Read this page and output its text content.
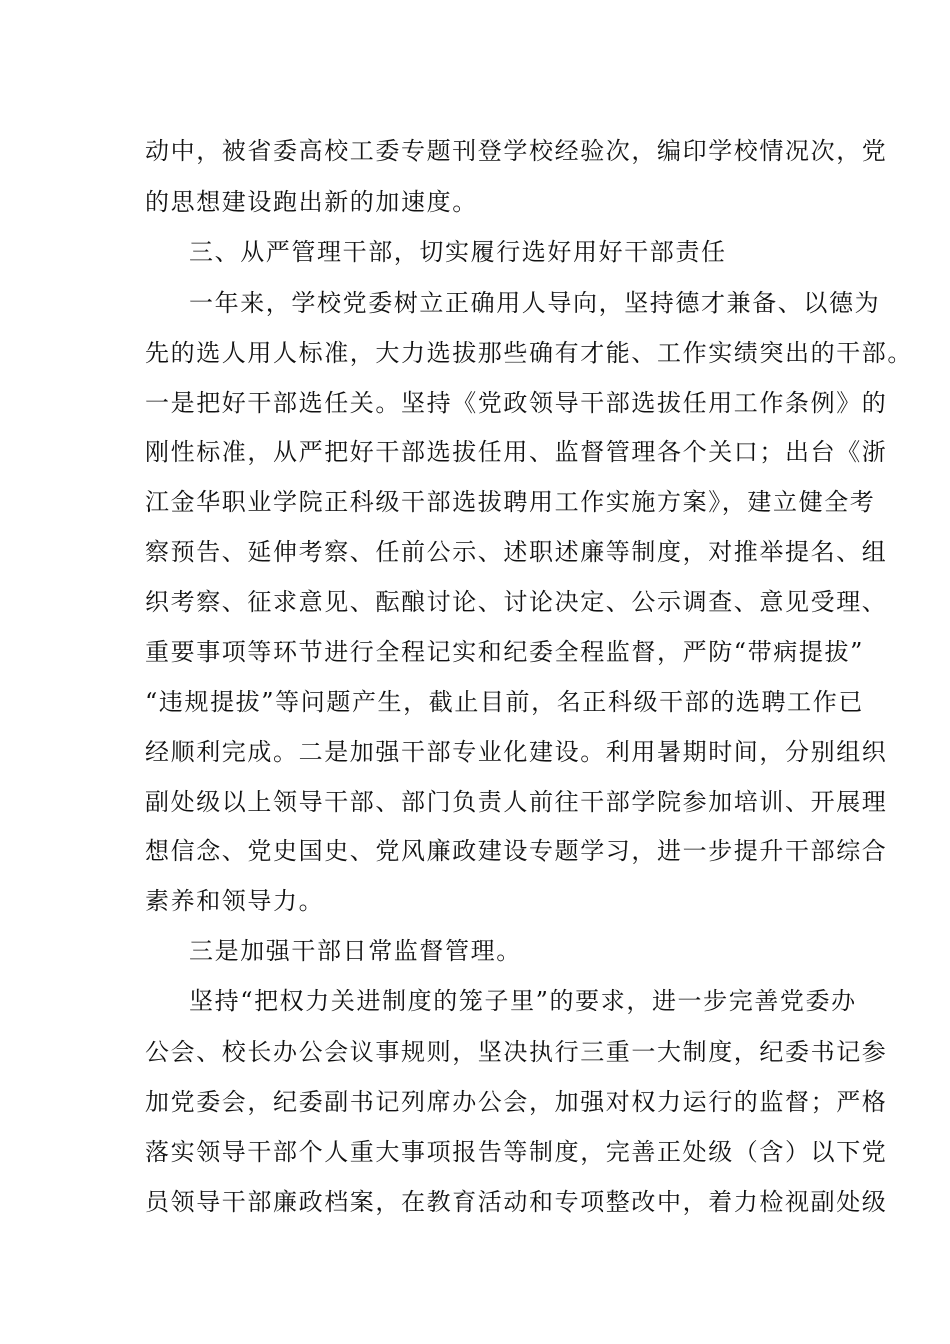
动中，被省委高校工委专题刊登学校经验次，编印学校情况次，党
的思想建设跑出新的加速度。
三、从严管理干部，切实履行选好用好干部责任
一年来，学校党委树立正确用人导向，坚持德才兼备、以德为
先的选人用人标准，大力选拔那些确有才能、工作实绩突出的干部。
一是把好干部选任关。坚持《党政领导干部选拔任用工作条例》的
刚性标准，从严把好干部选拔任用、监督管理各个关口；出台《浙
江金华职业学院正科级干部选拔聘用工作实施方案》，建立健全考
察预告、延伸考察、任前公示、述职述廉等制度，对推举提名、组
织考察、征求意见、酝酿讨论、讨论决定、公示调查、意见受理、
重要事项等环节进行全程记实和纪委全程监督，严防“带病提拔”
“违规提拔”等问题产生，截止目前，名正科级干部的选聘工作已
经顺利完成。二是加强干部专业化建设。利用暑期时间，分别组织
副处级以上领导干部、部门负责人前往干部学院参加培训、开展理
想信念、党史国史、党风廉政建设专题学习，进一步提升干部综合
素养和领导力。
三是加强干部日常监督管理。
坚持“把权力关进制度的笼子里”的要求，进一步完善党委办
公会、校长办公会议事规则，坚决执行三重一大制度，纪委书记参
加党委会，纪委副书记列席办公会，加强对权力运行的监督；严格
落实领导干部个人重大事项报告等制度，完善正处级（含）以下党
员领导干部廉政档案，在教育活动和专项整改中，着力检视副处级
